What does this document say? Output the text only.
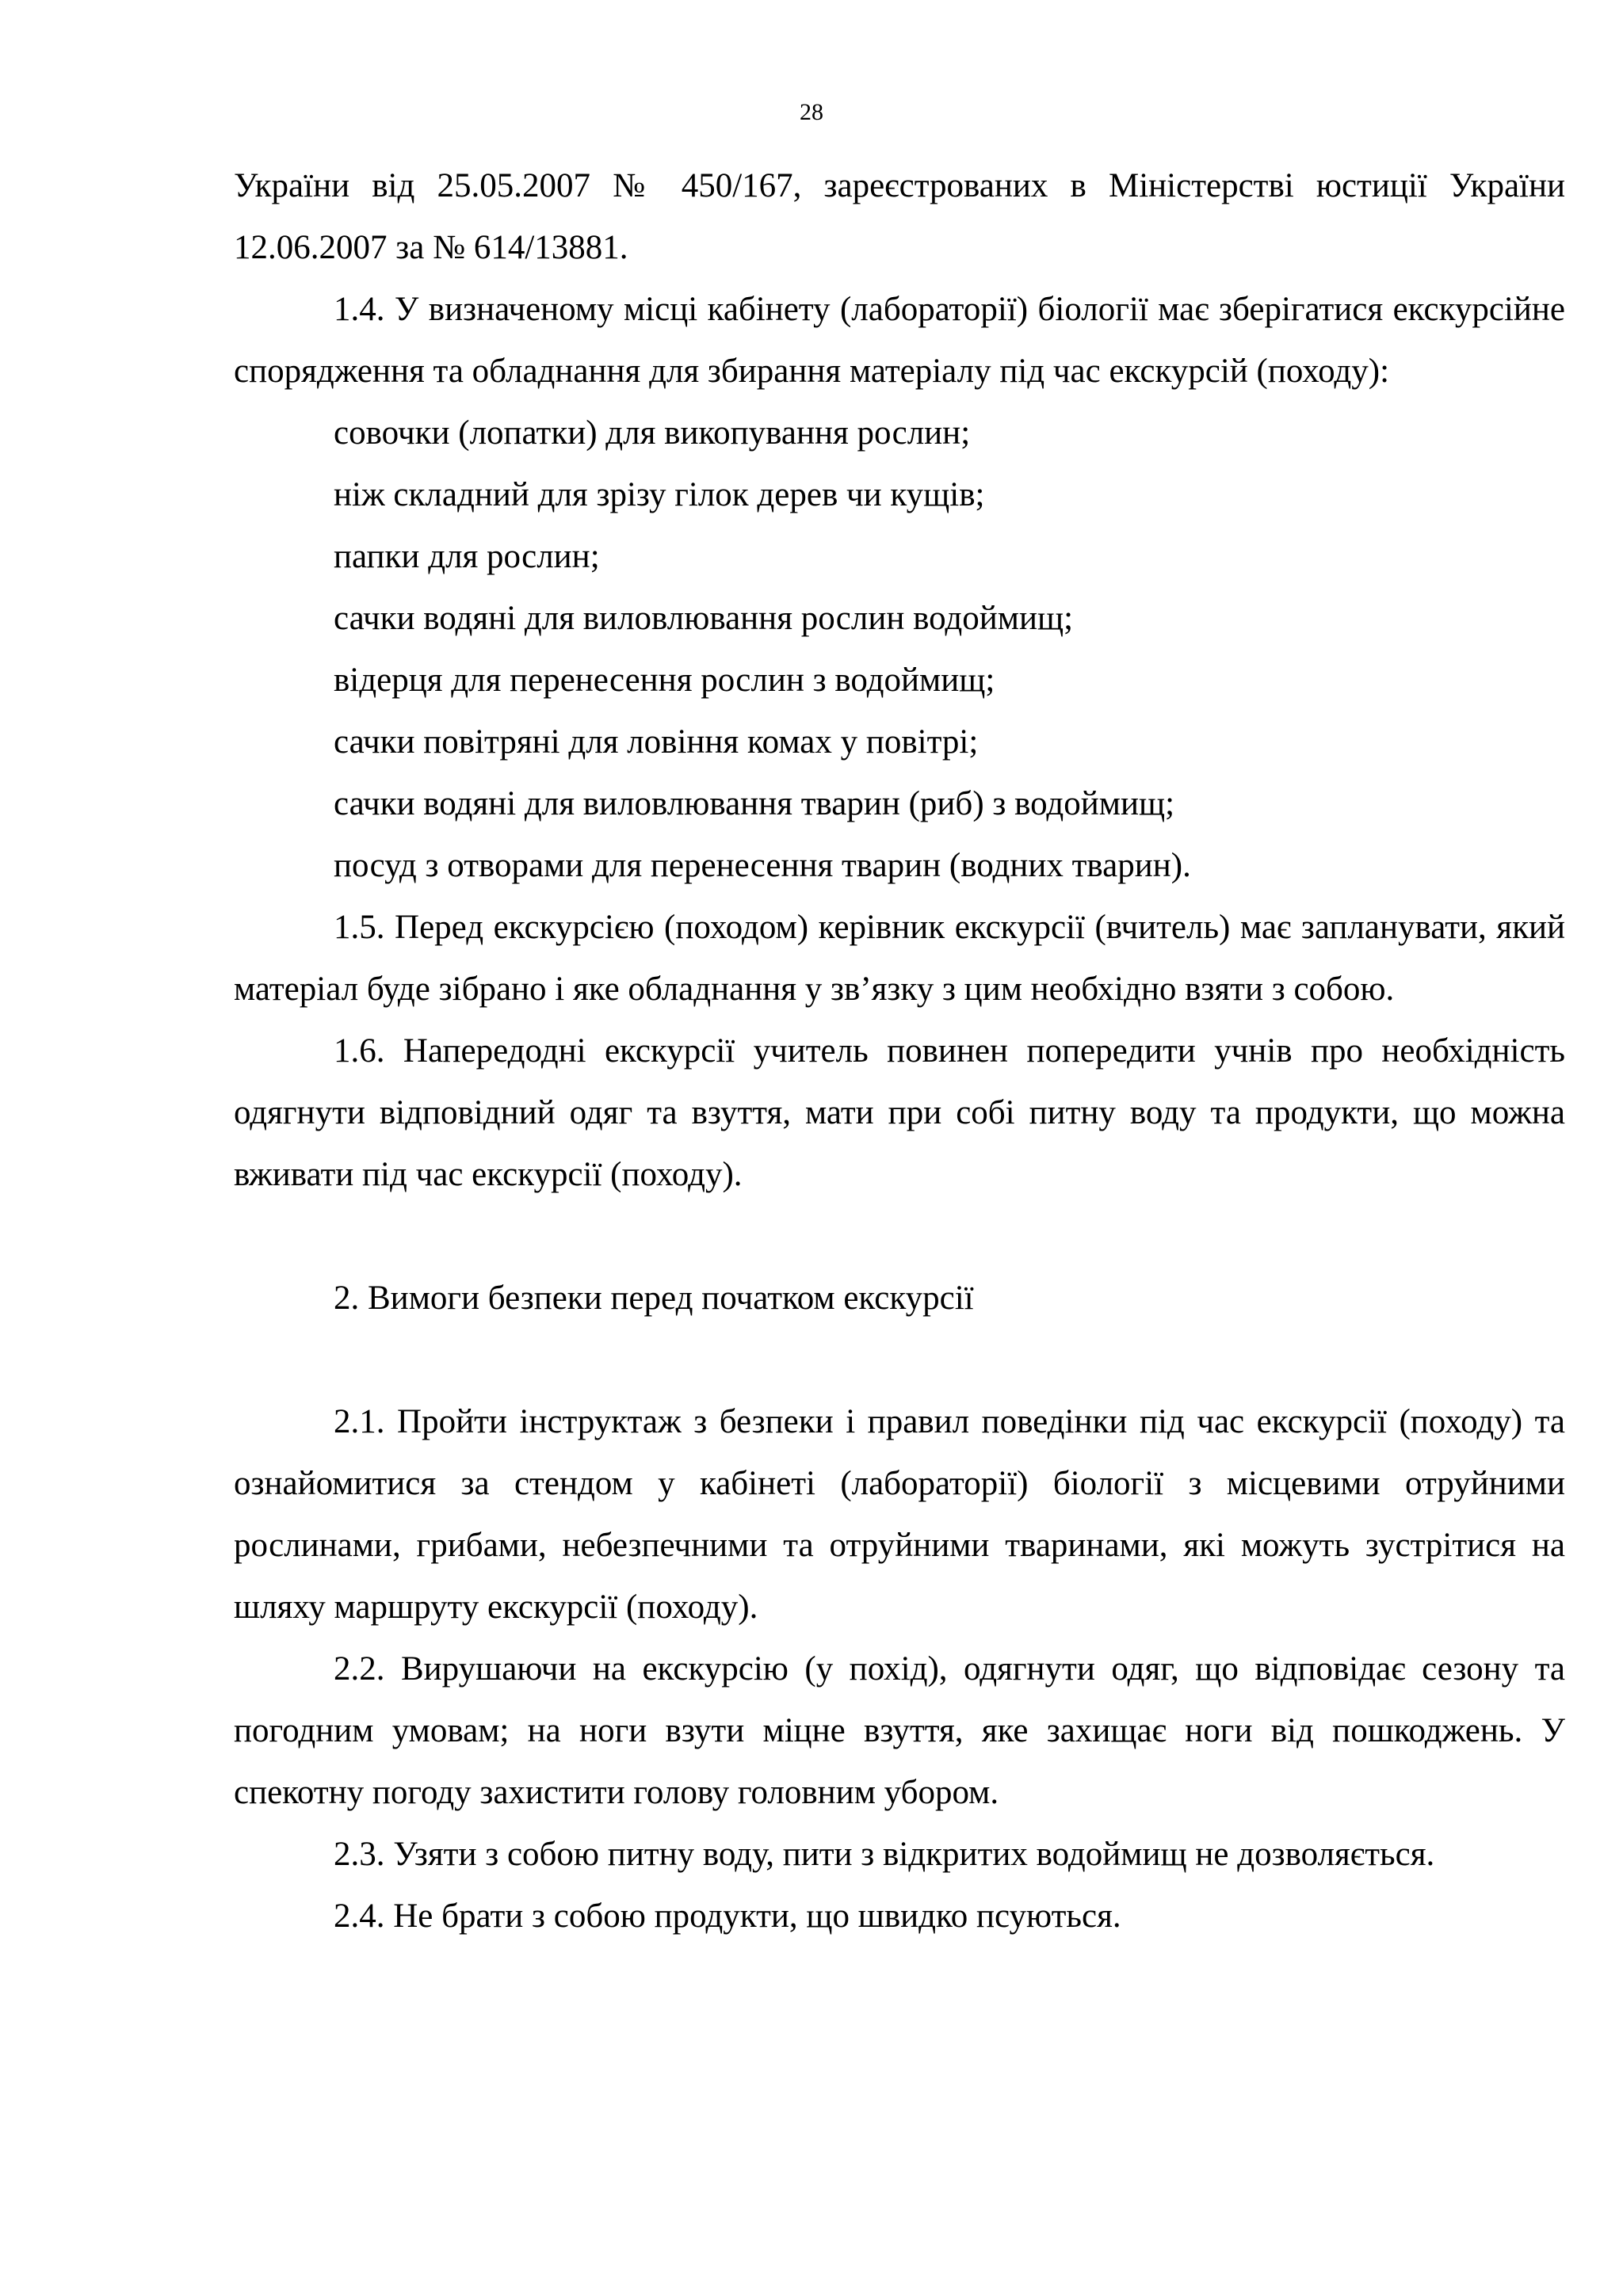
28

України від 25.05.2007 № 450/167, зареєстрованих в Міністерстві юстиції України 12.06.2007 за № 614/13881.

1.4. У визначеному місці кабінету (лабораторії) біології має зберігатися екскурсійне спорядження та обладнання для збирання матеріалу під час екскурсій (походу):

совочки (лопатки) для викопування рослин;

ніж складний для зрізу гілок дерев чи кущів;

папки для рослин;

сачки водяні для виловлювання рослин водоймищ;

відерця для перенесення рослин з водоймищ;

сачки повітряні для ловіння комах у повітрі;

сачки водяні для виловлювання тварин (риб) з водоймищ;

посуд з отворами для перенесення тварин (водних тварин).

1.5. Перед екскурсією (походом) керівник екскурсії (вчитель) має запланувати, який матеріал буде зібрано і яке обладнання у зв’язку з цим необхідно взяти з собою.

1.6. Напередодні екскурсії учитель повинен попередити учнів про необхідність одягнути відповідний одяг та взуття, мати при собі питну воду та продукти, що можна вживати під час екскурсії (походу).

2. Вимоги безпеки перед початком екскурсії

2.1. Пройти інструктаж з безпеки і правил поведінки під час екскурсії (походу) та ознайомитися за стендом у кабінеті (лабораторії) біології з місцевими отруйними рослинами, грибами, небезпечними та отруйними тваринами, які можуть зустрітися на шляху маршруту екскурсії (походу).

2.2. Вирушаючи на екскурсію (у похід), одягнути одяг, що відповідає сезону та погодним умовам; на ноги взути міцне взуття, яке захищає ноги від пошкоджень. У спекотну погоду захистити голову головним убором.

2.3. Узяти з собою питну воду, пити з відкритих водоймищ не дозволяється.

2.4. Не брати з собою продукти, що швидко псуються.
